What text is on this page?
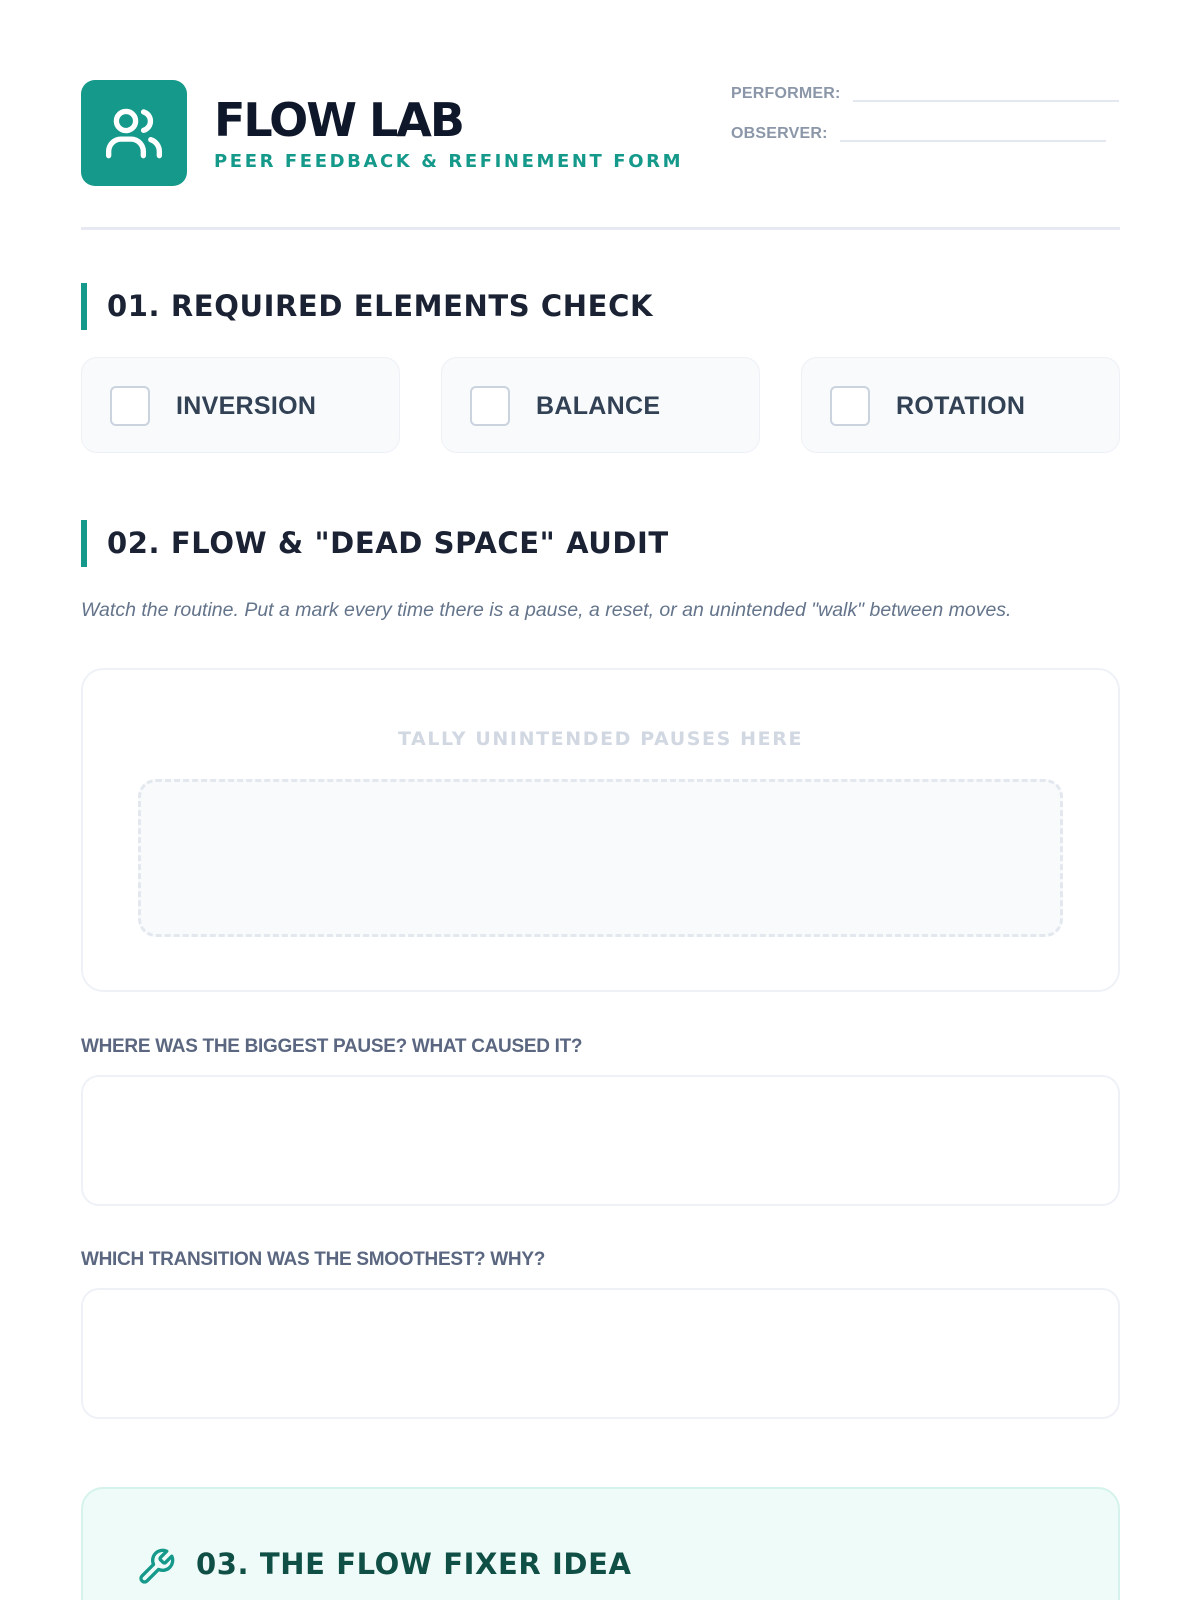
FLOW LAB
PEER FEEDBACK & REFINEMENT FORM
PERFORMER:
OBSERVER:
01. REQUIRED ELEMENTS CHECK
INVERSION	BALANCE	ROTATION
02. FLOW & "DEAD SPACE" AUDIT
Watch the routine. Put a mark every time there is a pause, a reset, or an unintended "walk" between moves.
TALLY UNINTENDED PAUSES HERE
WHERE WAS THE BIGGEST PAUSE? WHAT CAUSED IT?
WHICH TRANSITION WAS THE SMOOTHEST? WHY?
03. THE FLOW FIXER IDEA
